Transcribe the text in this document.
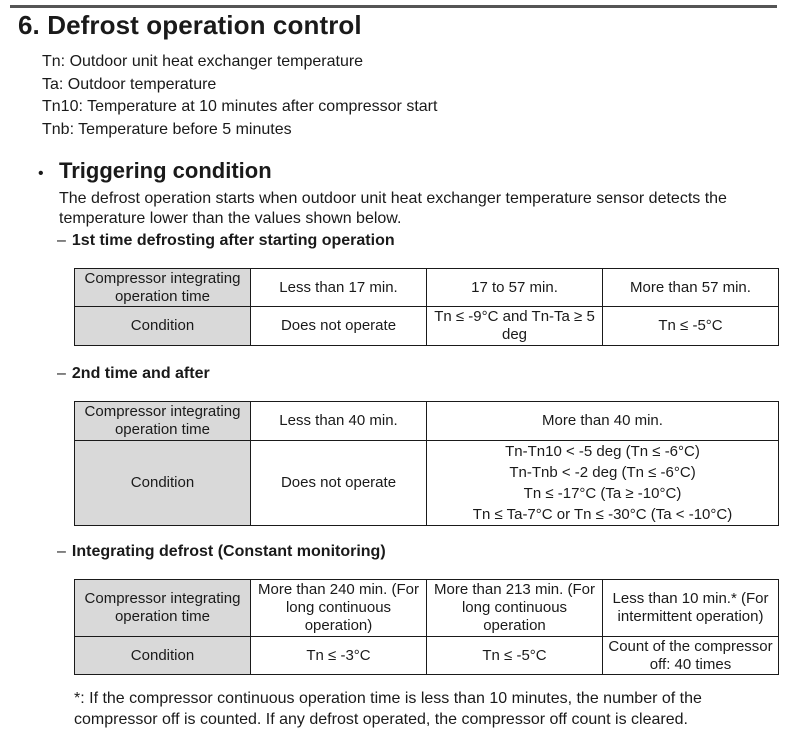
6. Defrost operation control
Tn: Outdoor unit heat exchanger temperature
Ta: Outdoor temperature
Tn10: Temperature at 10 minutes after compressor start
Tnb: Temperature before 5 minutes
• Triggering condition
The defrost operation starts when outdoor unit heat exchanger temperature sensor detects the temperature lower than the values shown below.
– 1st time defrosting after starting operation
Compressor integrating operation time	Less than 17 min.	17 to 57 min.	More than 57 min.
Condition	Does not operate	Tn ≤ -9°C and Tn-Ta ≥ 5 deg	Tn ≤ -5°C
– 2nd time and after
Compressor integrating operation time	Less than 40 min.	More than 40 min.
Condition	Does not operate	Tn-Tn10 < -5 deg (Tn ≤ -6°C)
Tn-Tnb < -2 deg (Tn ≤ -6°C)
Tn ≤ -17°C (Ta ≥ -10°C)
Tn ≤ Ta-7°C or Tn ≤ -30°C (Ta < -10°C)
– Integrating defrost (Constant monitoring)
Compressor integrating operation time	More than 240 min. (For long continuous operation)	More than 213 min. (For long continuous operation	Less than 10 min.* (For intermittent operation)
Condition	Tn ≤ -3°C	Tn ≤ -5°C	Count of the compressor off: 40 times
*: If the compressor continuous operation time is less than 10 minutes, the number of the compressor off is counted. If any defrost operated, the compressor off count is cleared.
